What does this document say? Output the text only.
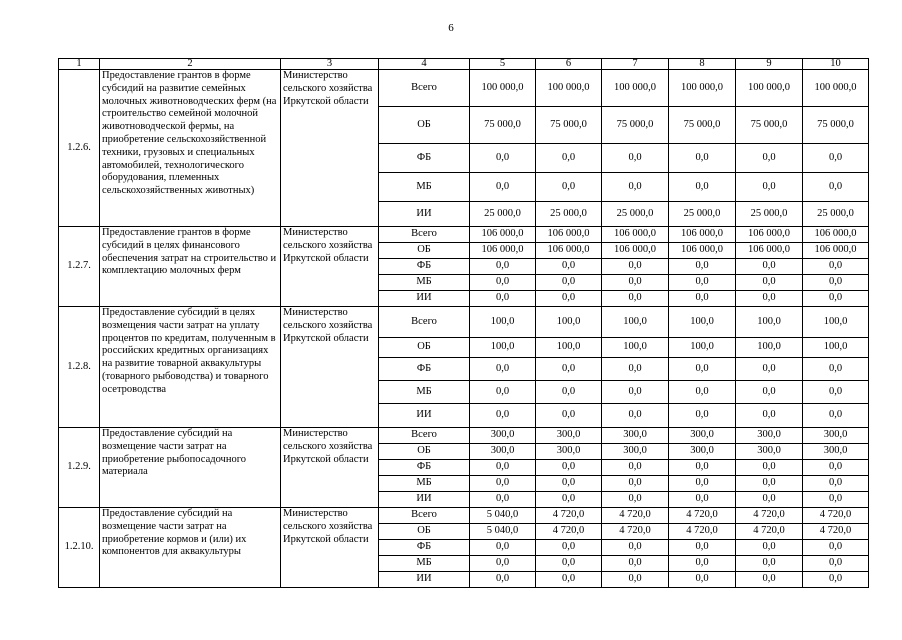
6
1	2	3	4	5	6	7	8	9	10
1.2.6.	Предоставление грантов в форме субсидий на развитие семейных молочных животноводческих ферм (на строительство семейной молочной животноводческой фермы, на приобретение сельскохозяйственной техники, грузовых и специальных автомобилей, технологического оборудования, племенных сельскохозяйственных животных)	Министерство сельского хозяйства Иркутской области	Всего	100 000,0	100 000,0	100 000,0	100 000,0	100 000,0	100 000,0
			ОБ	75 000,0	75 000,0	75 000,0	75 000,0	75 000,0	75 000,0
			ФБ	0,0	0,0	0,0	0,0	0,0	0,0
			МБ	0,0	0,0	0,0	0,0	0,0	0,0
			ИИ	25 000,0	25 000,0	25 000,0	25 000,0	25 000,0	25 000,0
1.2.7.	Предоставление грантов в форме субсидий в целях финансового обеспечения затрат на строительство и комплектацию молочных ферм	Министерство сельского хозяйства Иркутской области	Всего	106 000,0	106 000,0	106 000,0	106 000,0	106 000,0	106 000,0
			ОБ	106 000,0	106 000,0	106 000,0	106 000,0	106 000,0	106 000,0
			ФБ	0,0	0,0	0,0	0,0	0,0	0,0
			МБ	0,0	0,0	0,0	0,0	0,0	0,0
			ИИ	0,0	0,0	0,0	0,0	0,0	0,0
1.2.8.	Предоставление субсидий в целях возмещения части затрат на уплату процентов по кредитам, полученным в российских кредитных организациях на развитие товарной аквакультуры (товарного рыбоводства) и товарного осетроводства	Министерство сельского хозяйства Иркутской области	Всего	100,0	100,0	100,0	100,0	100,0	100,0
			ОБ	100,0	100,0	100,0	100,0	100,0	100,0
			ФБ	0,0	0,0	0,0	0,0	0,0	0,0
			МБ	0,0	0,0	0,0	0,0	0,0	0,0
			ИИ	0,0	0,0	0,0	0,0	0,0	0,0
1.2.9.	Предоставление субсидий на возмещение части затрат на приобретение рыбопосадочного материала	Министерство сельского хозяйства Иркутской области	Всего	300,0	300,0	300,0	300,0	300,0	300,0
			ОБ	300,0	300,0	300,0	300,0	300,0	300,0
			ФБ	0,0	0,0	0,0	0,0	0,0	0,0
			МБ	0,0	0,0	0,0	0,0	0,0	0,0
			ИИ	0,0	0,0	0,0	0,0	0,0	0,0
1.2.10.	Предоставление субсидий на возмещение части затрат на приобретение кормов и (или) их компонентов для аквакультуры	Министерство сельского хозяйства Иркутской области	Всего	5 040,0	4 720,0	4 720,0	4 720,0	4 720,0	4 720,0
			ОБ	5 040,0	4 720,0	4 720,0	4 720,0	4 720,0	4 720,0
			ФБ	0,0	0,0	0,0	0,0	0,0	0,0
			МБ	0,0	0,0	0,0	0,0	0,0	0,0
			ИИ	0,0	0,0	0,0	0,0	0,0	0,0
